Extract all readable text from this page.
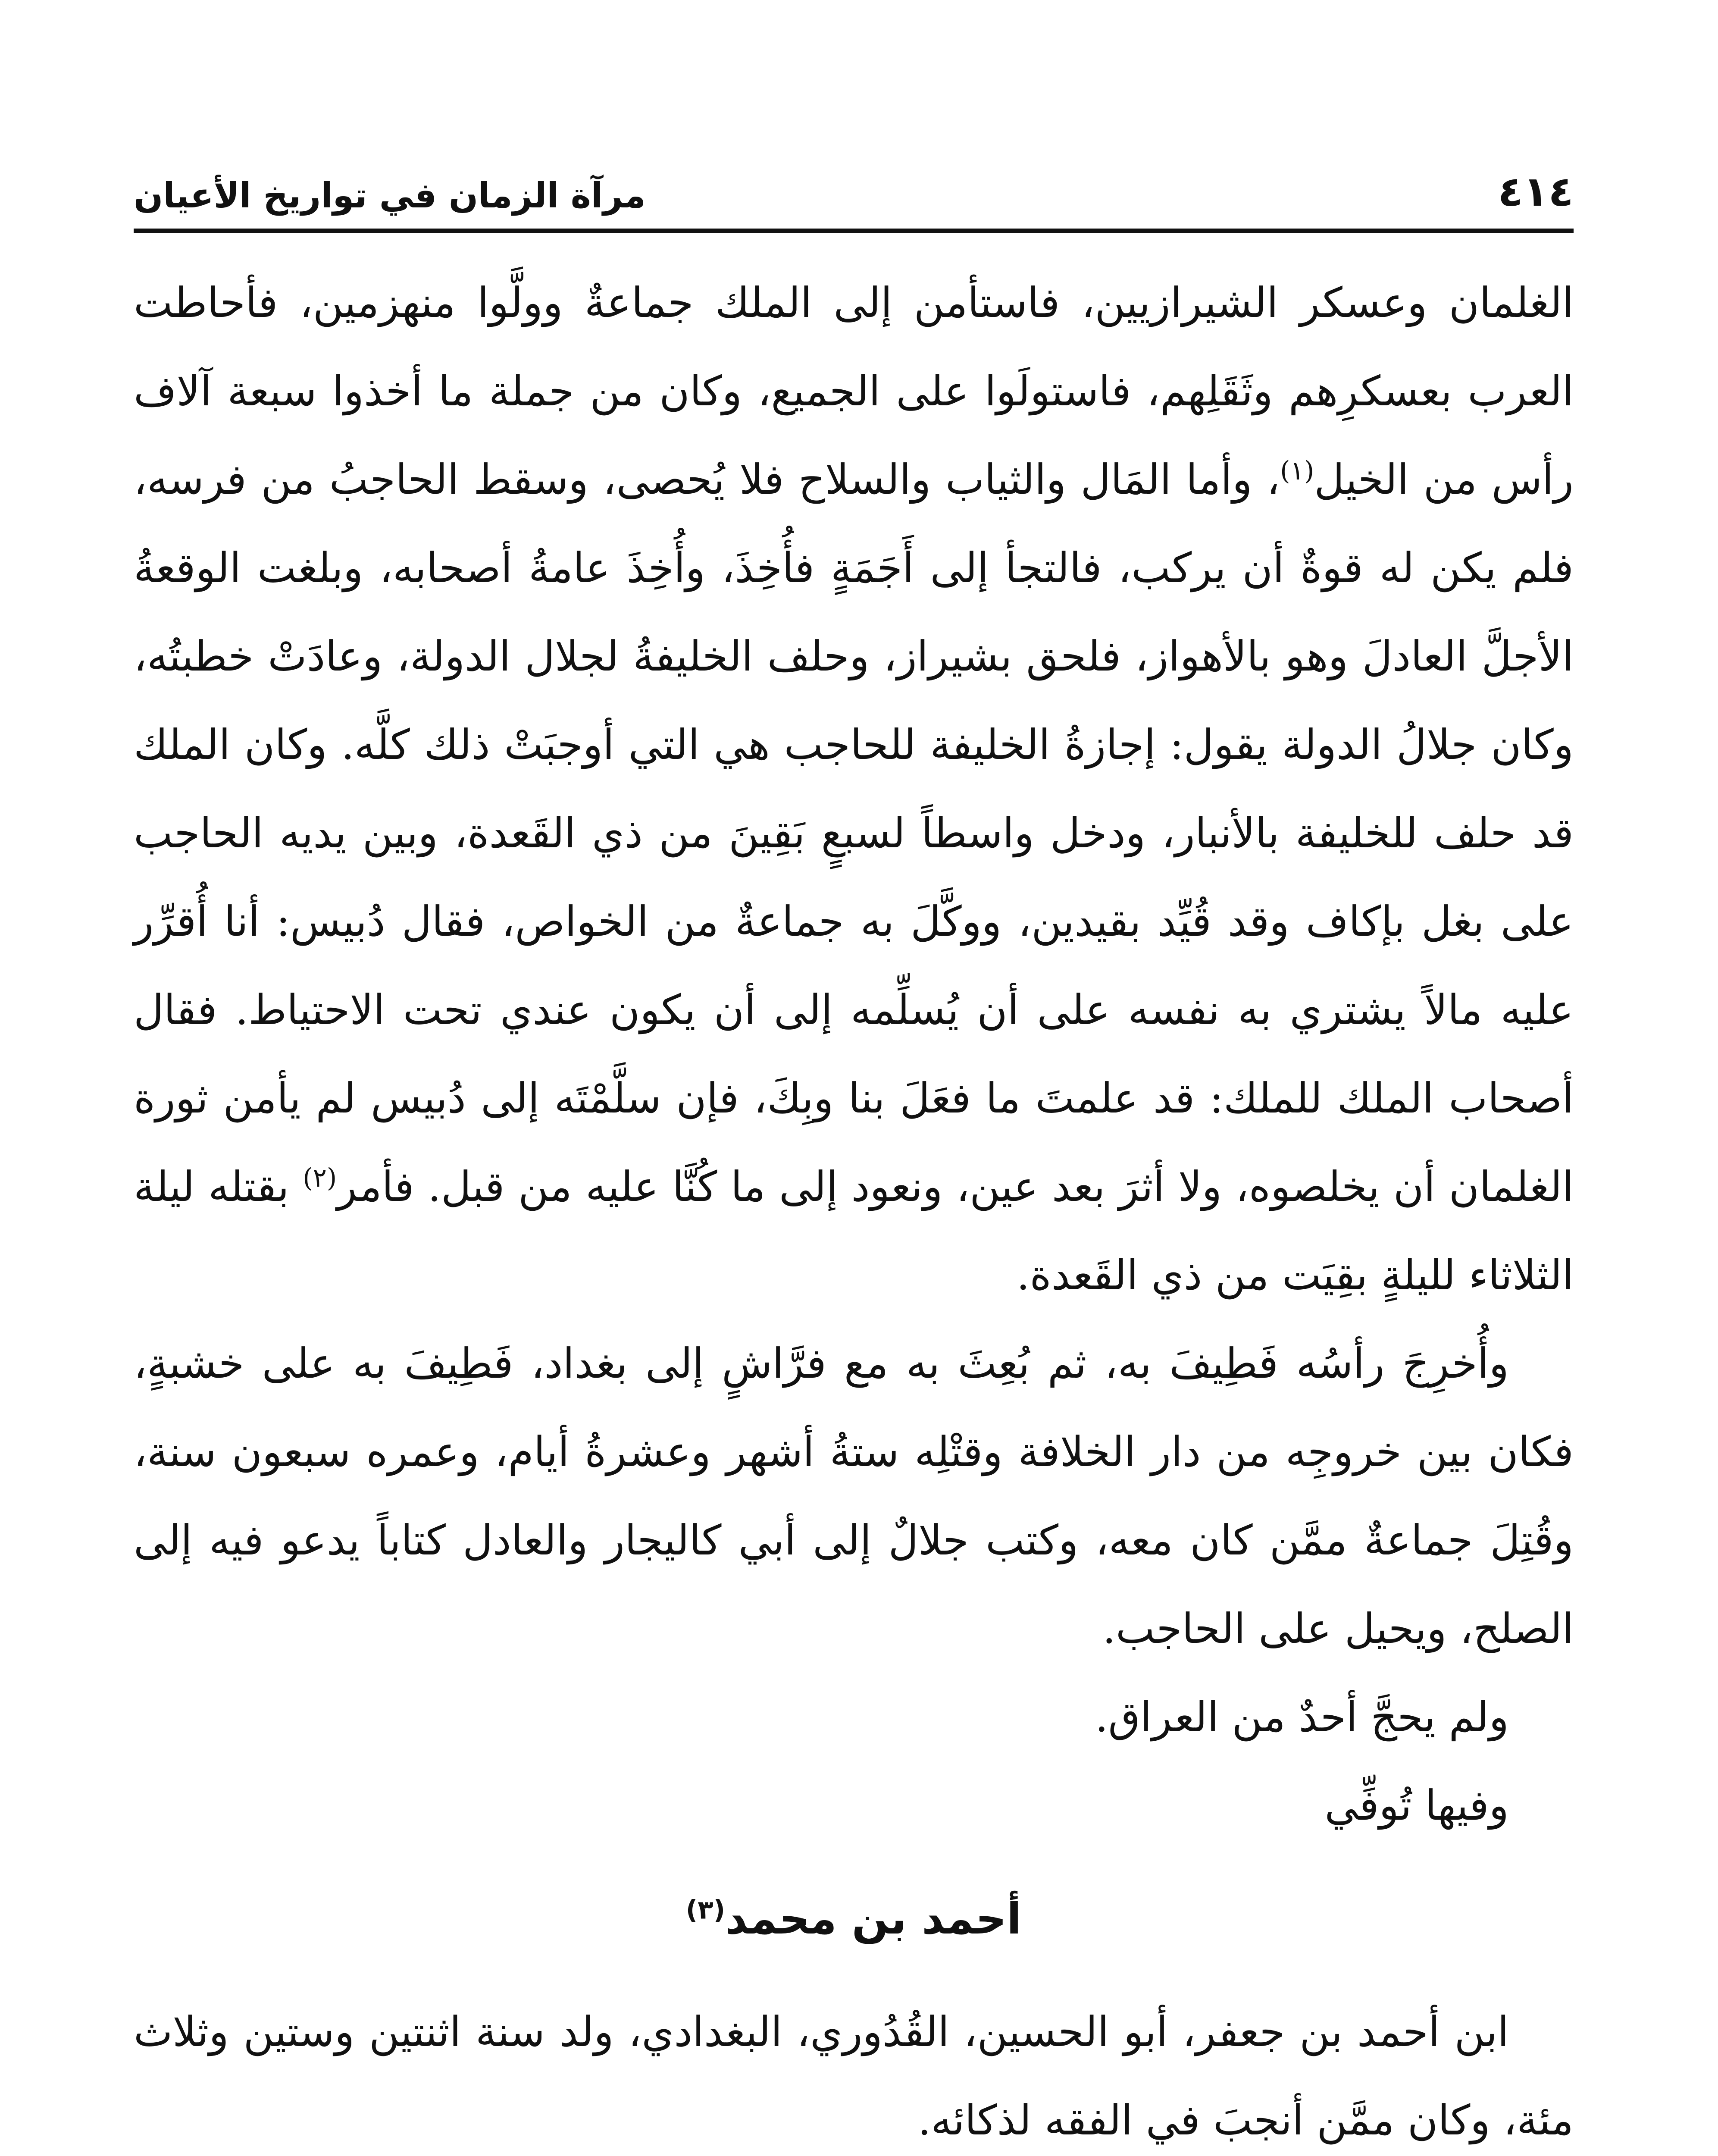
٤١٤
مرآة الزمان في تواريخ الأعيان

الغلمان وعسكر الشيرازيين، فاستأمن إلى الملك جماعةٌ وولَّوا منهزمين، فأحاطت العرب بعسكرِهم وثَقَلِهم، فاستولَوا على الجميع، وكان من جملة ما أخذوا سبعة آلاف رأس من الخيل$^{(١)}$، وأما المَال والثياب والسلاح فلا يُحصى، وسقط الحاجبُ من فرسه، فلم يكن له قوةٌ أن يركب، فالتجأ إلى أَجَمَةٍ فأُخِذَ، وأُخِذَ عامةُ أصحابه، وبلغت الوقعةُ الأجلَّ العادلَ وهو بالأهواز، فلحق بشيراز، وحلف الخليفةُ لجلال الدولة، وعادَتْ خطبتُه، وكان جلالُ الدولة يقول: إجازةُ الخليفة للحاجب هي التي أوجبَتْ ذلك كلَّه. وكان الملك قد حلف للخليفة بالأنبار، ودخل واسطاً لسبعٍ بَقِينَ من ذي القَعدة، وبين يديه الحاجب على بغل بإكاف وقد قُيِّد بقيدين، ووكَّلَ به جماعةٌ من الخواص، فقال دُبيس: أنا أُقرِّر عليه مالاً يشتري به نفسه على أن يُسلِّمه إلى أن يكون عندي تحت الاحتياط. فقال أصحاب الملك للملك: قد علمتَ ما فعَلَ بنا وبِكَ، فإن سلَّمْتَه إلى دُبيس لم يأمن ثورة الغلمان أن يخلصوه، ولا أثرَ بعد عين، ونعود إلى ما كُنَّا عليه من قبل. فأمر$^{(٢)}$ بقتله ليلة الثلاثاء لليلةٍ بقِيَت من ذي القَعدة.

وأُخرِجَ رأسُه فَطِيفَ به، ثم بُعِثَ به مع فرَّاشٍ إلى بغداد، فَطِيفَ به على خشبةٍ، فكان بين خروجِه من دار الخلافة وقتْلِه ستةُ أشهر وعشرةُ أيام، وعمره سبعون سنة، وقُتِلَ جماعةٌ ممَّن كان معه، وكتب جلالٌ إلى أبي كاليجار والعادل كتاباً يدعو فيه إلى الصلح، ويحيل على الحاجب.

ولم يحجَّ أحدٌ من العراق.

وفيها تُوفِّي

أحمد بن محمد$^{(٣)}$

ابن أحمد بن جعفر، أبو الحسين، القُدُوري، البغدادي، ولد سنة اثنتين وستين وثلاث مئة، وكان ممَّن أنجبَ في الفقه لذكائه.
